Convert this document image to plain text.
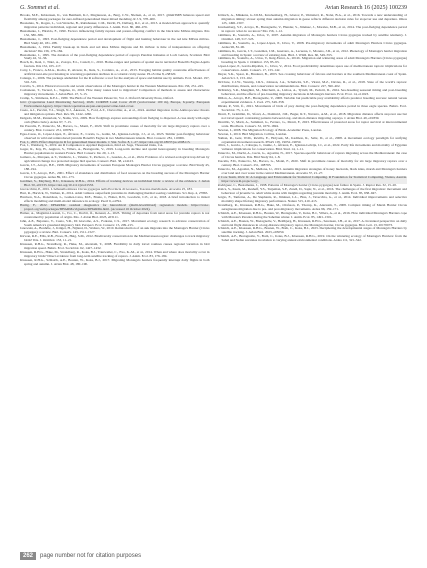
G. Sommet et al.	Avian Research 16 (2025) 100239

Brooks, M.E., Kristensen, K., van Benthem, K.J., Magnusson, A., Berg, C.W., Nielsen, A., et al., 2017. glmmTMB balances speed and flexibility among packages for zero-inflated generalized linear mixed modeling. R J. 9, 378–400.

Buonaiuto, N., Rogan, L., von Wersche, B., Rutishauser, C.M., Devitt, H., Delberg, R.J., et al., 2013. A model-driven approach to quantify migration patterns: individual, regional and yearly differences. J. Anim. Ecol. 80, 466–476.

Bustamante, J., Hiraldo, F., 1990. Factors influencing family rupture and parent-offspring conflict in the black kite Milvus migrans. Ibis 132, 380–386.

Bustamante, J., 1993. Post-fledging dependence period and development of flight and hunting behaviour in the red kite Milvus milvus. Bird Study 40, 181–188.

Bustamante, J., 1994. Family break-up in black and red kites Milvus migrans and M. milvus: is time of independence an offspring decision? Ibis 136, 176–184.

Bustamante, J., 1995. The duration of the post-fledging dependence period of ospreys Pandion haliaetus at Loch Garten, Scotland. Bird Study 42, 31–36.

Bosch, R., Real, J., Tintó, A., Zozaya, E.L., Castell, C., 2010. Home-ranges and patterns of spatial use in territorial Bonelli's Eagles Aquila fasciata. Ibis 152, 105–117.

Catry, I., Franco, A.M.A., Rocha, P., Alcazar, R., Reis, S., Cordeiro, A., et al., 2013. Foraging habitat quality constrains effectiveness of artificial nest-site provisioning in reversing population declines in a colonial cavity nester. PLoS One 8, e58320.

Calenge, C., 2006. The package adehabitat for the R software: a tool for the analysis of space and habitat use by animals. Ecol. Model. 197, 516–519.

Cavallo, S., 2014. Historical records and recent observations of the Montagu's harrier in the Western Mediterranean. Ibis 156, 231–245.

Cosbunean, T., Vacarel, L., Tugulea, O., 2016. How many routes lead to migration? Comparison of methods to assess and characterize migratory movements. J. Avian Biol. 47, 5–15.

Cramp, S., Simmons, K.E.L., 1980. The Birds of the Western Palearctic, Vol. 2. Oxford University Press, Oxford.

GLC (Copernicus Land Monitoring Service), 2020. CORINE Land Cover 2018 (vector/raster 100 m), Europe, 6-yearly. European Environment Agency. https://land.copernicus.eu/pan-european/corine-land-cover.

Cueto, A.J., Puccini, V.L., Singh, N.J., Åkesson, S., Ford, A.T., Chevrollier, A., et al., 2024. Animal migration in the Anthropocene: threats and mitigation options. Biol. Rev. 99, 1242–1260.

Delgado, M.M., Penteriani, V., Nams, V.O., 2009. How fledglings explore surroundings from fledging to dispersal. A case study with eagle owls (Bubo bubo). Ardea 97, 7–15.

De Pascalis, F., Panuccio, M., Bacaro, G., Monti, F., 2020. Shift in proximate causes of mortality for six large migratory raptors over a century. Biol. Conserv. 251, 108793.

Egea-Casas, O., López-López, P., Álvarez, E., Cortés, G., Galán, M., Iglesias-Lebrija, J.J., et al., 2023. Similar post-fledging behaviour observed in wild and reintroduced juvenile Bonelli's Eagles in two Mediterranean islands. Biol. Conserv. 281, 110006.

Fox, J., 2003. Effect displays in R for generalised linear models. J. Stat. Softw. 8, 1–27. https://doi.org/10.18637/jss.v008.i15.

Fox, J., Weisberg, S., 2019. An R Companion to Applied Regression, third ed. Sage, Thousand Oaks, CA.

Gager, R., Kay, H., Augiron, S., Villers, A., Bretagnolle, V., 2019. Long-term decline and spatial heterogeneity in breeding Montagu's Harrier populations in western France. Bird Conserv. Int. 29, 1–13.

Gamero, A., Marques, A.T., Venâncio, L., Valente, T., Pacheco, C., Guedes, A., et al., 2024. Evidence of a revised ecological trap driven by agricultural change in a protected steppe bird species. Conserv. Biol. 38, e14123.

García, J.T., Arroyo, B.E., 1998. Migratory movements of western European Montagu's Harrier Circus pygargus: a review. Bird Study 45, 188–194.

García, J.T., Arroyo, B.E., 2001. Effect of abundance and distribution of food resources on the breeding success of the Montagu's Harrier Circus pygargus. Ardea 89, 161–173.

Gardiner, S., Meyburg, B.U., Klaassen, R.H.G., 2014. Efforts of tracking devices on individual birds: a review of the evidence. J. Avian Biol. 50, e01533. https://doi.org/10.1111/jav.01533.

Giovacchini, P., 2001. L'Albanella minore Circus pygargus nella Provincia di Grosseto, Toscana meridionale. Avocetta 25, 183.

Hart, R., Harvick, N., Nathan, R., 2014. Adult vultures outperform juveniles in challenging thermal soaring conditions. Sci. Rep. 4, 27865.

Harrison, N.A., Donaldson, L., Gomez-Cano, M.E., Bruno, J., Fisher, D.N., Goodwin, C.E., et al., 2018. A brief introduction to mixed effects modelling and multi-model inference in ecology. PeerJ 6, e4794.

Hartig, F., 2022. DHARMa: residual diagnostics for hierarchical (multi-level/mixed) regression models. https://cran.r-project.org/web/packages/DHARMa/vignettes/DHARMa.html. (Accessed 16 October 2024).

Hamer, A., Maginini-Lorenzi, L., Ivo, C., Dorbit, Ö., Renaud, A., 2023. Timing of departure from natal areas for juvenile raptors is not constrained by population of origin. Ibis. J. Avian Biol. 2023, e03111.

Jahn, A.E., Bejarano, V., Cueto, V.R., Di Giacomo, A.S., Fontana, C.S., 2017. Movement ecology research to advance conservation of South America's grassland migratory bird. Perspect. Ecol. Conserv. 15, 209–215.

Janowski, A., Bonhôte, J., Krüger, H., Nijland, D., Walters, W., 2010. Reintroduction of an auk migrants into the Montagu's Harrier (Circus pygargus): a review. Biol. Conserv. 143, 1511–1527.

Kirwan, R.E., Ellis, R.B., Frees, H., Haig, S.M., 2012. Biodiversity conservation in the Mediterranean region: challenges to track migratory birds? Ibis. J. Ornithol. 153, 11–21.

Klaassen, R.H.G., Strandberg, R., Hake, M., Alerstam, T., 2008. Flexibility in daily travel routines causes regional variation in bird migration speed. Behav. Ecol. Sociobiol. 62, 1427–1432.

Klaassen, R.H.G., Hake, M., Strandberg, R., Koks, B.J., Trierweiler, C., Exo, K.-M., et al., 2014. When and where does mortality occur in migratory birds? Direct evidence from long-term satellite tracking of raptors. J. Anim. Ecol. 83, 176–184.

Klaassen, R.H.G., Schlaich, A.E., Bouten, W., Koks, B.J., 2017. Migrating Montagu's harriers frequently interrupt daily flights in both spring and autumn. J. Avian Biol. 48, 180–190.

Kölzsch, A., Müskens, G.J.D.M., Kruckenberg, H., Glazov, P., Weinzierl, R., Nolet, B.A., et al., 2016. Towards a new understanding of migration timing: slower spring than autumn migration in geese reflects different decision rules for stopover use and departure. Oikos 125, 1496–1507.

Kruckenberg, S.T., Arroyo, B., Bretagnolle, V., Hunder, S., Jiménez, J., Morales, M.B., et al., 2014. The post-fledging dependence period in raptors: what do we know? Ibis 156, 1–12.

Limiñana, R., Soutullo, A., Urios, V., 2007. Autumn migration of Montagu's harriers Circus pygargus tracked by satellite telemetry. J. Ornithol. 148, 517–523.

Limiñana, R., Soutullo, A., López-López, P., Urios, V., 2008. Pre-migratory movements of adult Montagu's Harriers Circus pygargus. Ardea 96, 81–90.

Limiñana, R., García, J.T., González, J.M., Guerrero, A., Lecuona, J., Moreno, J.D., et al., 2012. Phenology of Montagu's harrier migration and breeding in Spain: a review of existing data. Bird. J. Wildl. Res. 60, 549–555.

Limiñana, R., Soutullo, A., Urios, V., Reig-Ferrer, A., 2012b. Migration and wintering areas of adult Montagu's Harriers (Circus pygargus) breeding in Spain. J. Ornithol. 153, 85–93.

López-López, P., García-Ripollés, C., Urios, V., 2014. Food predictability determines space use of mediterranean raptors: implications for conservation. Anim. Conserv. 17, 133–142.

Meyer, S.K., Spaar, R., Bruderer, B., 2003. Sea crossing behaviour of falcons and harriers at the southern Mediterranean coast of Spain. Avian Sci. 3, 153–162.

McClure, C.J.W., Westrip, J.R.S., Johnson, J.A., Schulwitz, S.E., Virani, M.Z., Davies, R., et al., 2018. State of the world's raptors: distributions, threats, and conservation recommendations. Biol. Conserv. 227, 390–402.

McKinley, S.R., Menghini, M., Marchetti, A., Lisboa, A., Tyrrell, M., Pedotti, D., 2024. Sea-breeding seasonal timing and post-breeding behaviour, and the effects of pre-breeding migratory decisions in Montagu's harriers. Ecol. Evol. 14, e11023.

Millon, A., Arroyo, B.E., Bretagnolle, V., 2008. Variable but predictable prey availability affects predator breeding success: natural versus experimental evidence. J. Zool. 275, 349–358.

Mirski, P., Väli, Ü., 2021. Movements of birds of prey during the post-fledging dependence period in three eagle species. Behav. Ecol. Sociobiol. 75, 1–12.

Monti, F., Grémillet, D., Sforzi, A., Dominici, J.M., Bagur, R.T., Navarro, A.M., et al., 2018. Migration distance affects stopover use but not travel speed: contrasting patterns between long- and short-distance migrating ospreys. J. Avian Biol. 49, e01839.

Montillo, V., Marti, A., Sammuri, G., Ferraro, G., Monti, F., 2023. Effectiveness of protected areas for raptor survival at intercontinental scale. Biodivers. Conserv. 32, 1679–1694.

Newton, I., 2008. The Migration Ecology of Birds. Academic Press, London.

Newton, I., 2010. Bird Migration. Collins, London.

Nathan, R., Getz, W.M., Revilla, E., Holyoak, M., Kadmon, R., Saltz, D., et al., 2008. A movement ecology paradigm for unifying organismal movement research. PNAS 105, 19052–19059.

Oliva, J., Garcia, J., Cabrejas, I., Jaume, J., Álvarez, E., Iglesias-Lebrija, J.J., et al., 2022. Early life movements and mortality of Egyptian vultures: implications for conservation. Bird. Stud. 14, 1–11.

Panuccio, M., Duchi, A., Lucia, G., Agostini, N., 2017. Species-specific behaviour of raptors migrating across the Mediterranean: the case of Circus harriers. Ibis. Bird Study 64, 1–8.

Pascalis, F.D., Panuccio, M., Bacaro, G., Monti, F., 2020. Shift in proximate causes of mortality for six large migratory raptors over a century. Biol. Conserv. 251, 108793.

Panuccio, M., Agostini, N., Mellone, U., 2013. Autumn migration strategies of honey buzzards, black kites, marsh and Montagu's harriers over land and over water in the central Mediterranean. Avocetta 37, 21–27.

R Core Team, 2022. R: A Language and Environment for Statistical Computing. R Foundation for Statistical Computing, Vienna, Austria. https://www.R-project.org/.

Rodríguez, C., Bustamante, J., 1998. Patterns of Montagu's harrier (Circus pygargus) nest failure in Spain. J. Raptor Res. 32, 15–20.

Rotics, S., Kaatz, M., Resheff, Y.S., Turjeman, S.F., Zurell, D., Sapir, N., et al., 2016. The challenges of the first migration: movement and behaviour of juvenile vs. adult white storks with insights regarding juvenile mortality. J. Anim. Ecol. 85, 938–947.

Sergio, F., Tanferna, A., De Stephanis, R., Jiménez, L.L., Blas, J., Tavecchia, G., et al., 2014. Individual improvements and selective mortality shape lifelong migratory performance. Nature 515, 410–413.

Strandberg, R., Klaassen, R.H.G., Hake, M., Olofsson, P., Thorup, K., Alerstam, T., 2008. Complex timing of Marsh Harrier Circus aeruginosus migration due to pre- and post-migratory movements. Ardea 96, 159–171.

Schlaich, A.E., Klaassen, R.H.G., Bouten, W., Bretagnolle, V., Koks, B.J., Villers, A., et al., 2016. How individual Montagu's Harriers cope with Moreau's Paradox during the Sahelian winter. J. Anim. Ecol. 85, 1491–1501.

Schlaich, A.E., Bouten, W., Bretagnolle, V., Heldbjerg, H., Klaassen, R.H.G., Sørensen, I.H., et al., 2017. A circannual perspective on daily and total flight distances in a long-distance migratory raptor, the Montagu's harrier, Circus pygargus. Biol. Lett. 13, 20170073.

Schlaich, A.E., Klaassen, R.H.G., Bouten, W., Both, C., Koks, B.J., 2023. Deciphering the developmental stages of Montagu's Harriers by satellite tracking. J. Avian Biol. 2023, e03050.

Schlaich, A.E., Bretagnolle, V., Both, C., Koks, B.J., Klaassen, R.H.G., 2019. On the wintering ecology of Montagu's Harriers: from the Sahel and Sudan savannas in relation to varying annual environmental conditions. Ardea 111, 321–342.

262	page number not for citation purposes
